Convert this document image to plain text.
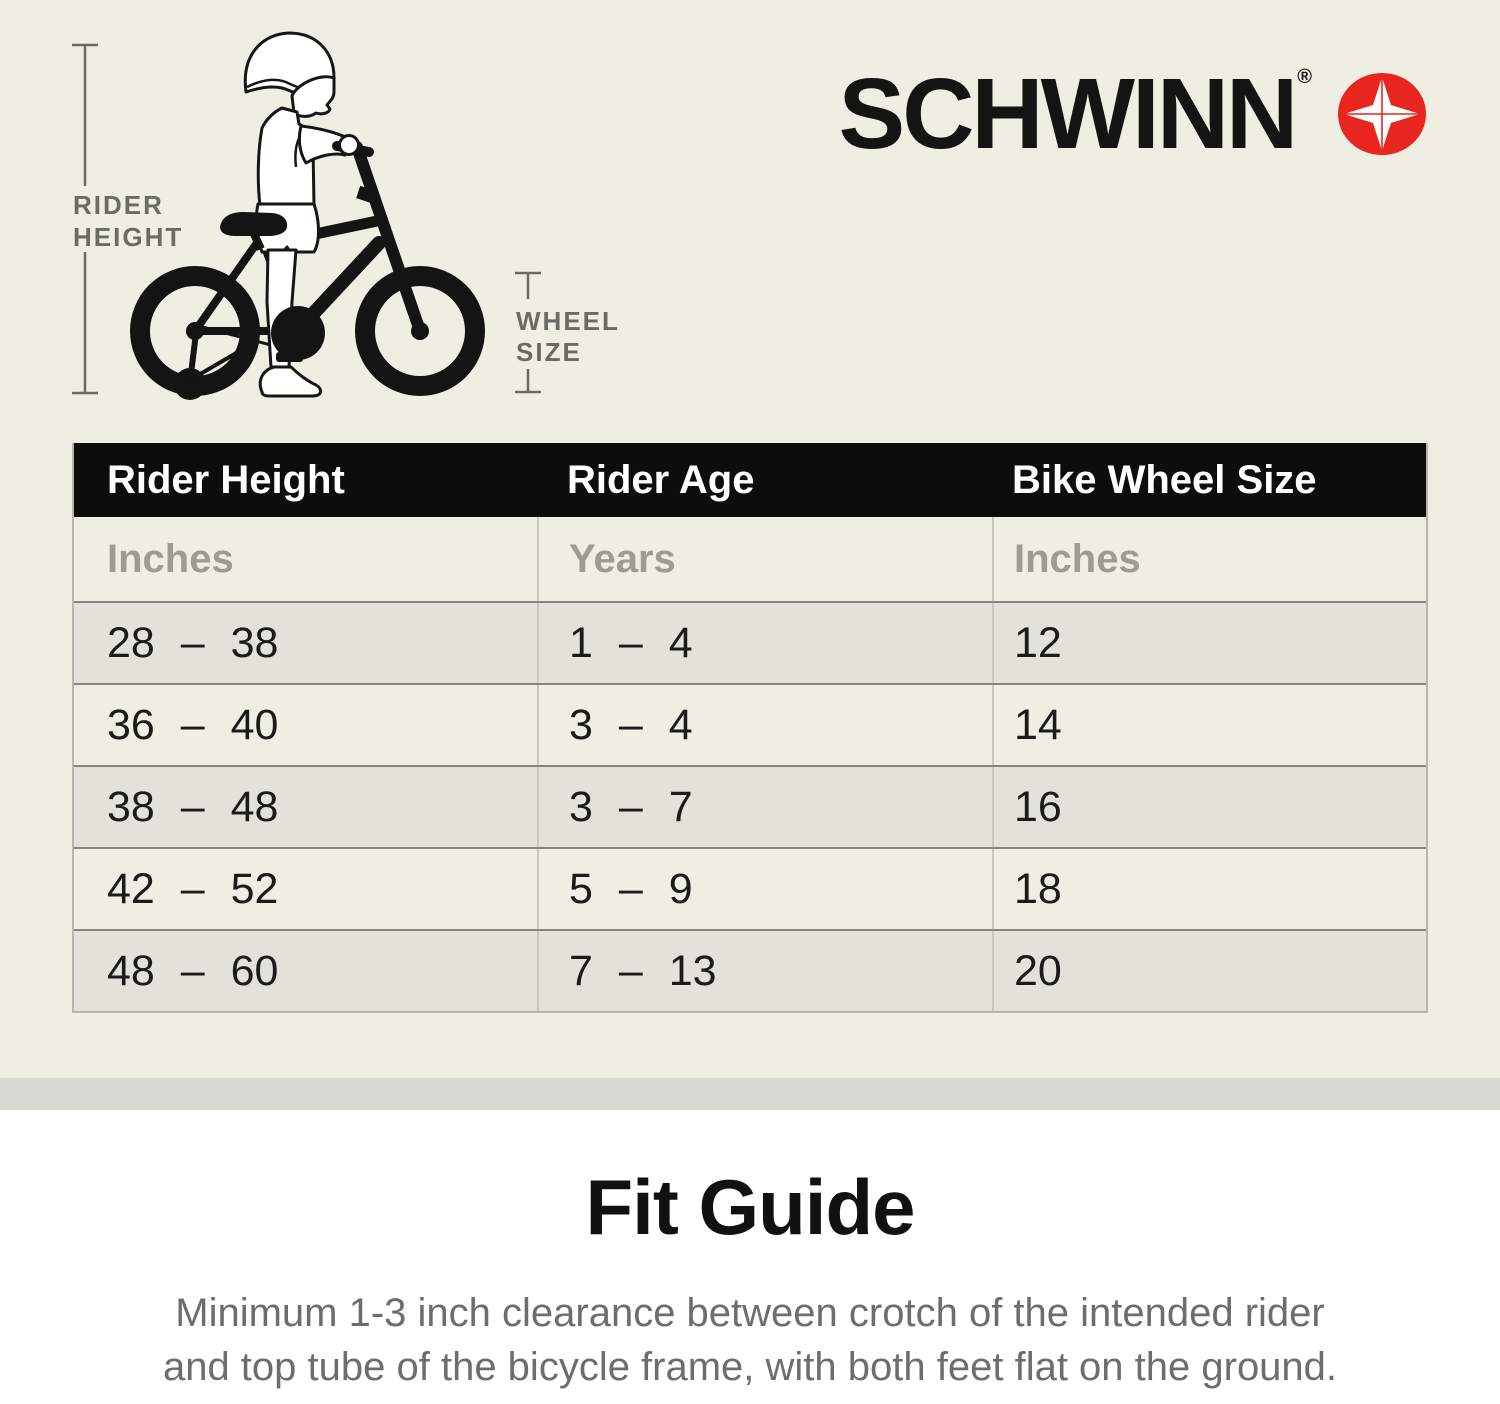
RIDER
HEIGHT
WHEEL
SIZE
SCHWINN ®
Rider Height	Rider Age	Bike Wheel Size
Inches	Years	Inches
28 – 38	1 – 4	12
36 – 40	3 – 4	14
38 – 48	3 – 7	16
42 – 52	5 – 9	18
48 – 60	7 – 13	20
Fit Guide
Minimum 1-3 inch clearance between crotch of the intended rider
and top tube of the bicycle frame, with both feet flat on the ground.
